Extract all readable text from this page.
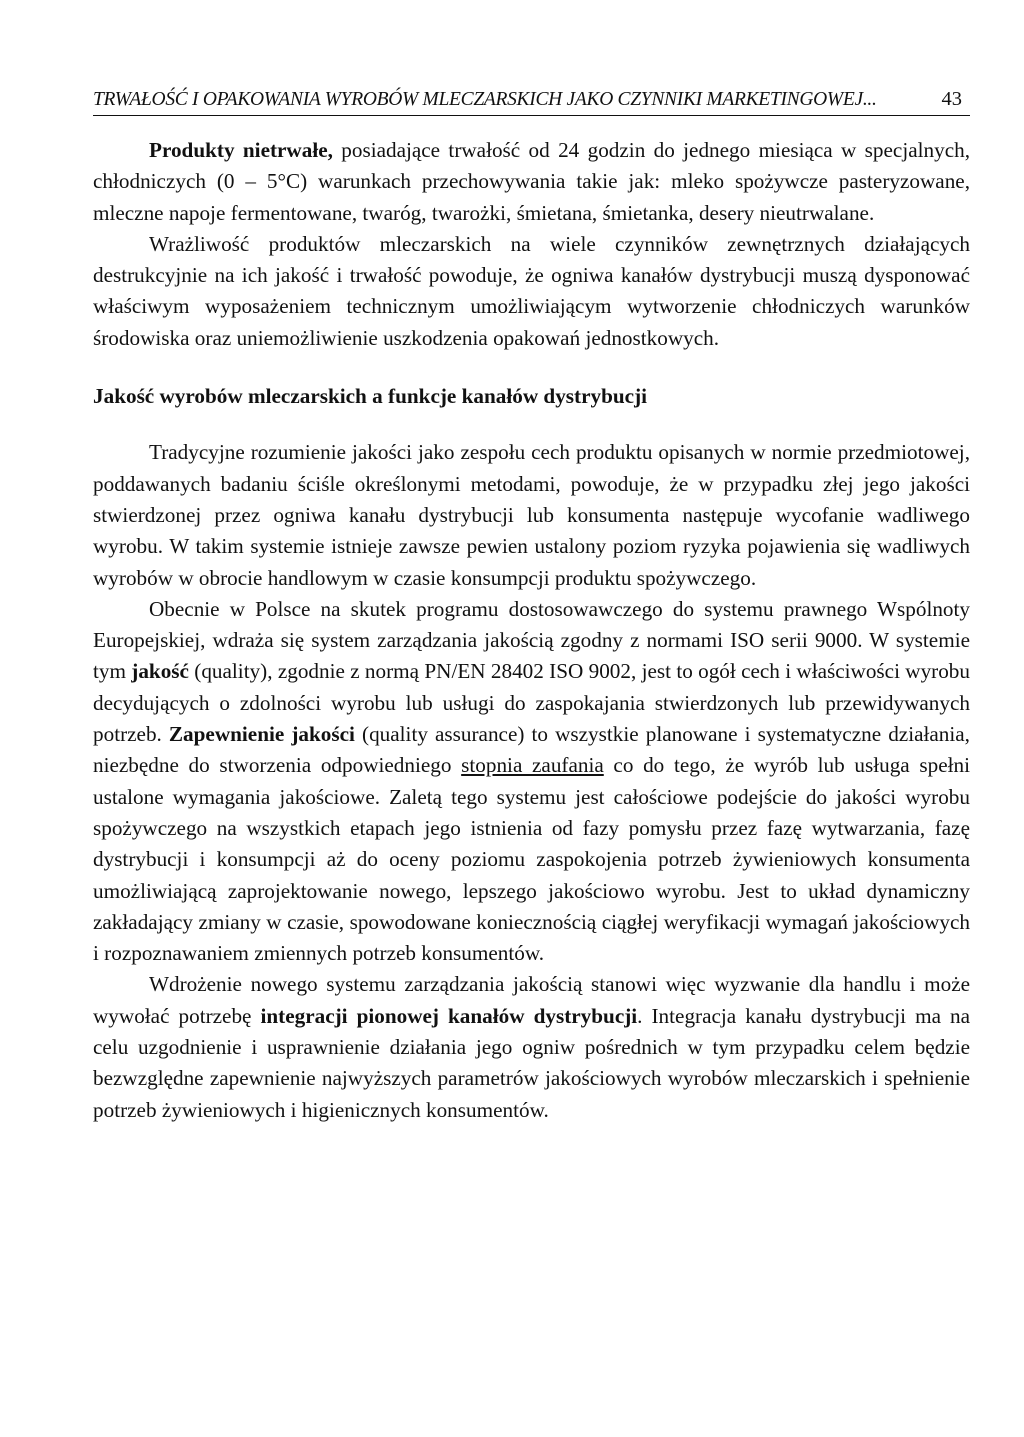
TRWAŁOŚĆ I OPAKOWANIA WYROBÓW MLECZARSKICH JAKO CZYNNIKI MARKETINGOWEJ...	43

Produkty nietrwałe, posiadające trwałość od 24 godzin do jednego miesiąca w specjalnych, chłodniczych (0 – 5°C) warunkach przechowywania takie jak: mleko spożywcze pasteryzowane, mleczne napoje fermentowane, twaróg, twarożki, śmietana, śmietanka, desery nieutrwalane.

Wrażliwość produktów mleczarskich na wiele czynników zewnętrznych działających destrukcyjnie na ich jakość i trwałość powoduje, że ogniwa kanałów dystrybucji muszą dysponować właściwym wyposażeniem technicznym umożliwiającym wytworzenie chłodniczych warunków środowiska oraz uniemożliwienie uszkodzenia opakowań jednostkowych.

Jakość wyrobów mleczarskich a funkcje kanałów dystrybucji

Tradycyjne rozumienie jakości jako zespołu cech produktu opisanych w normie przedmiotowej, poddawanych badaniu ściśle określonymi metodami, powoduje, że w przypadku złej jego jakości stwierdzonej przez ogniwa kanału dystrybucji lub konsumenta następuje wycofanie wadliwego wyrobu. W takim systemie istnieje zawsze pewien ustalony poziom ryzyka pojawienia się wadliwych wyrobów w obrocie handlowym w czasie konsumpcji produktu spożywczego.

Obecnie w Polsce na skutek programu dostosowawczego do systemu prawnego Wspólnoty Europejskiej, wdraża się system zarządzania jakością zgodny z normami ISO serii 9000. W systemie tym jakość (quality), zgodnie z normą PN/EN 28402 ISO 9002, jest to ogół cech i właściwości wyrobu decydujących o zdolności wyrobu lub usługi do zaspokajania stwierdzonych lub przewidywanych potrzeb. Zapewnienie jakości (quality assurance) to wszystkie planowane i systematyczne działania, niezbędne do stworzenia odpowiedniego stopnia zaufania co do tego, że wyrób lub usługa spełni ustalone wymagania jakościowe. Zaletą tego systemu jest całościowe podejście do jakości wyrobu spożywczego na wszystkich etapach jego istnienia od fazy pomysłu przez fazę wytwarzania, fazę dystrybucji i konsumpcji aż do oceny poziomu zaspokojenia potrzeb żywieniowych konsumenta umożliwiającą zaprojektowanie nowego, lepszego jakościowo wyrobu. Jest to układ dynamiczny zakładający zmiany w czasie, spowodowane koniecznością ciągłej weryfikacji wymagań jakościowych i rozpoznawaniem zmiennych potrzeb konsumentów.

Wdrożenie nowego systemu zarządzania jakością stanowi więc wyzwanie dla handlu i może wywołać potrzebę integracji pionowej kanałów dystrybucji. Integracja kanału dystrybucji ma na celu uzgodnienie i usprawnienie działania jego ogniw pośrednich w tym przypadku celem będzie bezwzględne zapewnienie najwyższych parametrów jakościowych wyrobów mleczarskich i spełnienie potrzeb żywieniowych i higienicznych konsumentów.
